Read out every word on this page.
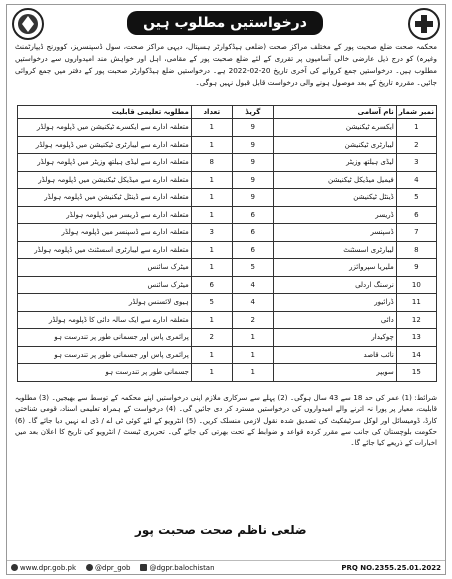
درخواستیں مطلوب ہیں
محکمہ صحت ضلع صحبت پور کے مختلف مراکز صحت (ضلعی ہیڈکوارٹر ہسپتال، دیہی مراکز صحت، سول ڈسپنسریز، کوورنج ڈیپارٹمنٹ وغیرہ) کو درج ذیل عارضی خالی آسامیوں پر تقرری کے لئے ضلع صحبت پور کے مقامی، اہل اور خواہش مند امیدواروں سے درخواستیں مطلوب ہیں۔ درخواستیں جمع کروانے کی آخری تاریخ 20-02-2022 ہے۔ درخواستیں ضلع ہیڈکوارٹر صحبت پور کے دفتر میں جمع کروائی جائیں۔ مقررہ تاریخ کے بعد موصول ہونے والی درخواست قابل قبول نہیں ہوگی۔
نمبر شمار	نام آسامی	گریڈ	تعداد	مطلوبہ تعلیمی قابلیت
1	ایکسرے ٹیکنیشن	9	1	متعلقہ ادارے سے ایکسرے ٹیکنیشن میں ڈپلومہ ہولڈر
2	لیبارٹری ٹیکنیشن	9	1	متعلقہ ادارے سے لیبارٹری ٹیکنیشن میں ڈپلومہ ہولڈر
3	لیڈی ہیلتھ وزیٹر	9	8	متعلقہ ادارے سے لیڈی ہیلتھ وزیٹر میں ڈپلومہ ہولڈر
4	فیمیل میڈیکل ٹیکنیشن	9	1	متعلقہ ادارے سے میڈیکل ٹیکنیشن میں ڈپلومہ ہولڈر
5	ڈینٹل ٹیکنیشن	9	1	متعلقہ ادارے سے ڈینٹل ٹیکنیشن میں ڈپلومہ ہولڈر
6	ڈریسر	6	1	متعلقہ ادارے سے ڈریسر میں ڈپلومہ ہولڈر
7	ڈسپنسر	6	3	متعلقہ ادارے سے ڈسپنسر میں ڈپلومہ ہولڈر
8	لیبارٹری اسسٹنٹ	6	1	متعلقہ ادارے سے لیبارٹری اسسٹنٹ میں ڈپلومہ ہولڈر
9	ملیریا سپروائزر	5	1	میٹرک سائنس
10	نرسنگ اردلی	4	6	میٹرک سائنس
11	ڈرائیور	4	5	ہیوی لائسنس ہولڈر
12	دائی	2	1	متعلقہ ادارے سے ایک سالہ دائی کا ڈپلومہ ہولڈر
13	چوکیدار	1	2	پرائمری پاس اور جسمانی طور پر تندرست ہو
14	نائب قاصد	1	1	پرائمری پاس اور جسمانی طور پر تندرست ہو
15	سویپر	1	1	جسمانی طور پر تندرست ہو
شرائط: (1) عمر کی حد 18 سے 43 سال ہوگی۔ (2) پہلے سے سرکاری ملازم اپنی درخواستیں اپنے محکمہ کے توسط سے بھیجیں۔ (3) مطلوبہ قابلیت، معیار پر پورا نہ اترنے والے امیدواروں کی درخواستیں مسترد کر دی جائیں گی۔ (4) درخواست کے ہمراہ تعلیمی اسناد، قومی شناختی کارڈ، ڈومیسائل اور لوکل سرٹیفکیٹ کی تصدیق شدہ نقول لازمی منسلک کریں۔ (5) انٹرویو کے لئے کوئی ٹی اے / ڈی اے نہیں دیا جائے گا۔ (6) حکومت بلوچستان کی جانب سے مقرر کردہ قواعد و ضوابط کے تحت بھرتی کی جائے گی۔ تحریری ٹیسٹ / انٹرویو کی تاریخ کا اعلان بعد میں اخبارات کے ذریعے کیا جائے گا۔
ضلعی ناظم صحت صحبت پور
www.dpr.gob.pk	@dpr_gob	@dgpr.balochistan	PRQ NO.2355.25.01.2022
